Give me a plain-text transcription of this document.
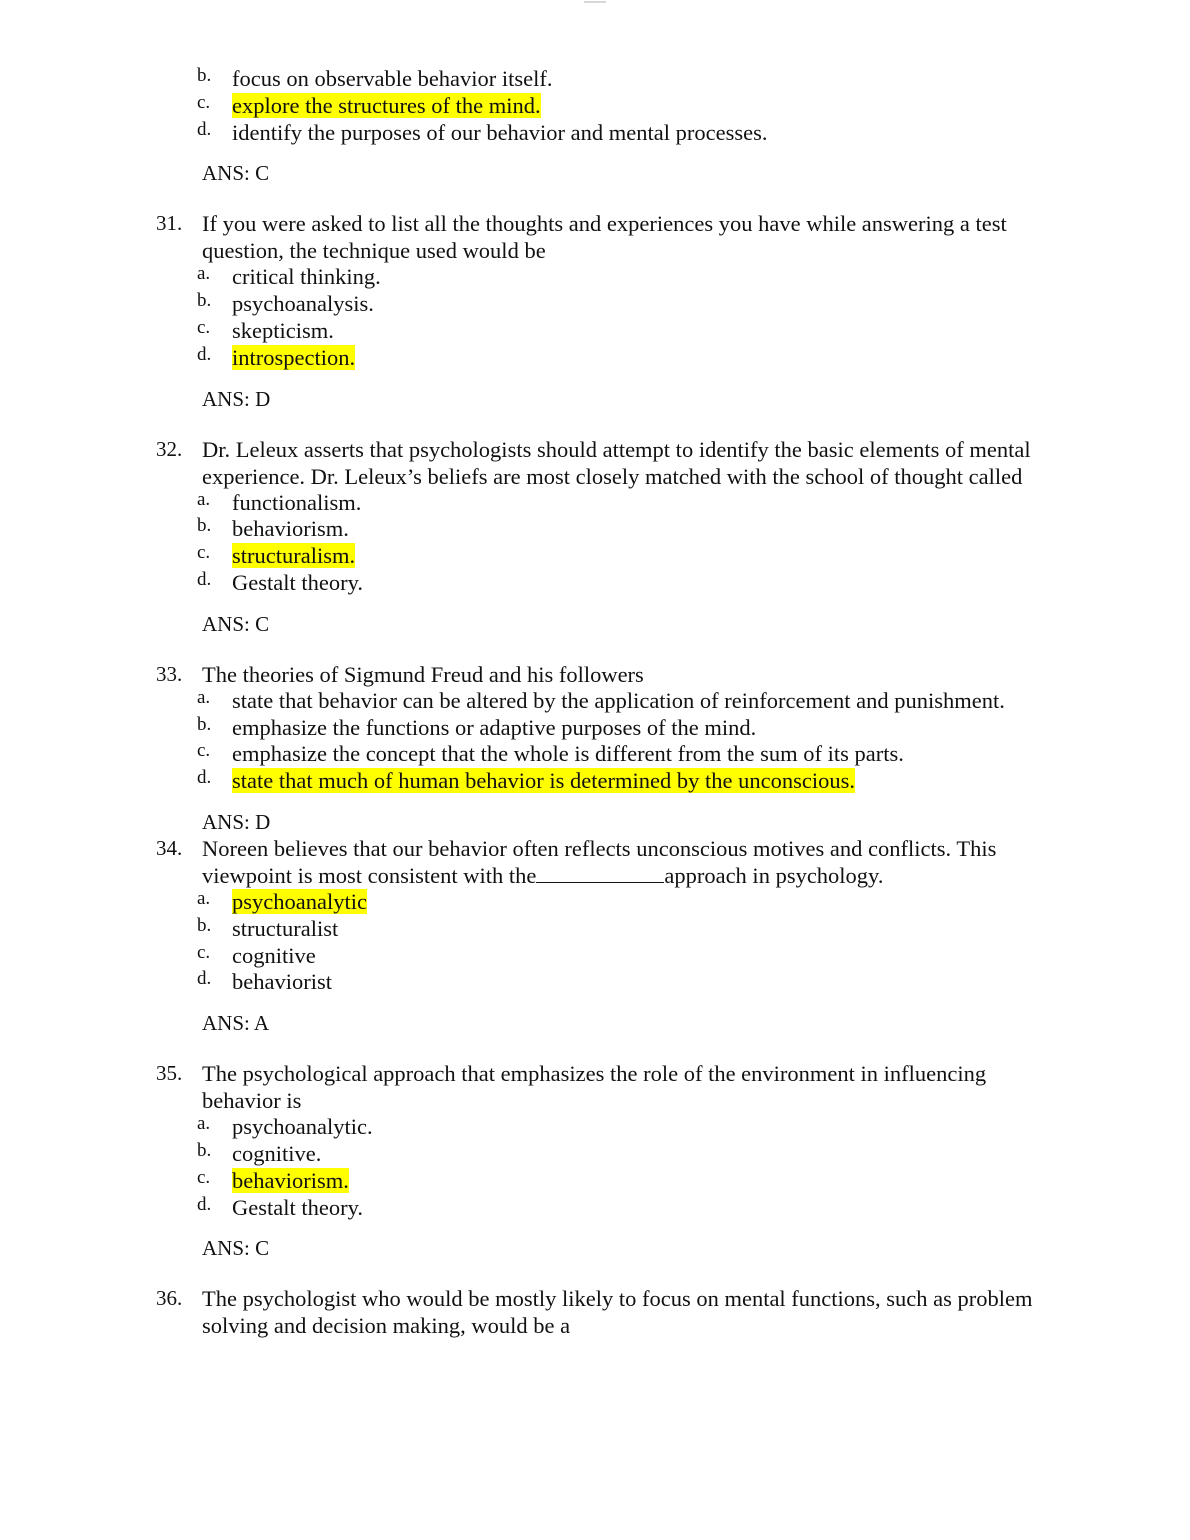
b. focus on observable behavior itself.
c. explore the structures of the mind.
d. identify the purposes of our behavior and mental processes.
ANS: C
31. If you were asked to list all the thoughts and experiences you have while answering a test question, the technique used would be

a. critical thinking.
b. psychoanalysis.
c. skepticism.
d. introspection.
ANS: D
32. Dr. Leleux asserts that psychologists should attempt to identify the basic elements of mental experience. Dr. Leleux’s beliefs are most closely matched with the school of thought called

a. functionalism.
b. behaviorism.
c. structuralism.
d. Gestalt theory.
ANS: C
33. The theories of Sigmund Freud and his followers

a. state that behavior can be altered by the application of reinforcement and punishment.
b. emphasize the functions or adaptive purposes of the mind.
c. emphasize the concept that the whole is different from the sum of its parts.
d. state that much of human behavior is determined by the unconscious.
ANS: D
34. Noreen believes that our behavior often reflects unconscious motives and conflicts. This viewpoint is most consistent with the	approach in psychology.

a. psychoanalytic
b. structuralist
c. cognitive
d. behaviorist
ANS: A
35. The psychological approach that emphasizes the role of the environment in influencing behavior is

a. psychoanalytic.
b. cognitive.
c. behaviorism.
d. Gestalt theory.
ANS: C
36. The psychologist who would be mostly likely to focus on mental functions, such as problem solving and decision making, would be a
